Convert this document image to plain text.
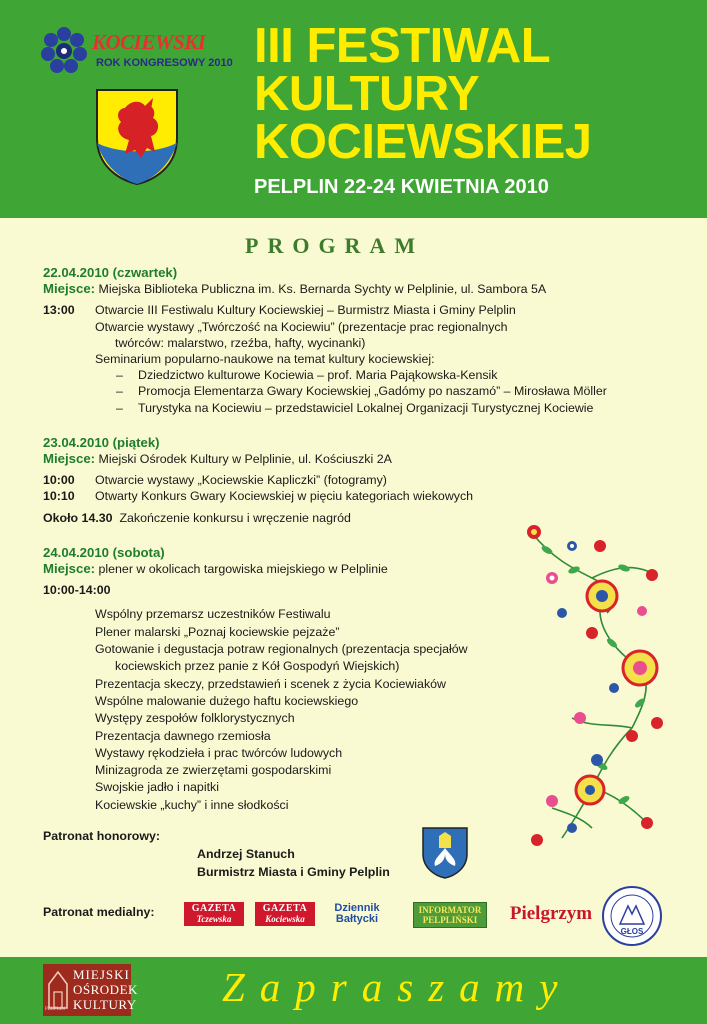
KOCIEWSKI
ROK KONGRESOWY 2010 III FESTIWAL
KULTURY
KOCIEWSKIEJ
PELPLIN 22-24 KWIETNIA 2010
PROGRAM
22.04.2010 (czwartek)
Miejsce: Miejska Biblioteka Publiczna im. Ks. Bernarda Sychty w Pelplinie, ul. Sambora 5A
13:00	Otwarcie III Festiwalu Kultury Kociewskiej – Burmistrz Miasta i Gminy Pelplin
Otwarcie wystawy „Twórczość na Kociewiu” (prezentacje prac regionalnych
twórców: malarstwo, rzeźba, hafty, wycinanki)
Seminarium popularno-naukowe na temat kultury kociewskiej:
–	Dziedzictwo kulturowe Kociewia – prof. Maria Pająkowska-Kensik
–	Promocja Elementarza Gwary Kociewskiej „Gadómy po naszamó” – Mirosława Möller
–	Turystyka na Kociewiu – przedstawiciel Lokalnej Organizacji Turystycznej Kociewie
23.04.2010 (piątek)
Miejsce: Miejski Ośrodek Kultury w Pelplinie, ul. Kościuszki 2A
10:00	Otwarcie wystawy „Kociewskie Kapliczki” (fotogramy)
10:10	Otwarty Konkurs Gwary Kociewskiej w pięciu kategoriach wiekowych
Około 14.30 Zakończenie konkursu i wręczenie nagród
24.04.2010 (sobota)
Miejsce: plener w okolicach targowiska miejskiego w Pelplinie
10:00-14:00
Wspólny przemarsz uczestników Festiwalu
Plener malarski „Poznaj kociewskie pejzaże”
Gotowanie i degustacja potraw regionalnych (prezentacja specjałów
kociewskich przez panie z Kół Gospodyń Wiejskich)
Prezentacja skeczy, przedstawień i scenek z życia Kociewiaków
Wspólne malowanie dużego haftu kociewskiego
Występy zespołów folklorystycznych
Prezentacja dawnego rzemiosła
Wystawy rękodzieła i prac twórców ludowych
Minizagroda ze zwierzętami gospodarskimi
Swojskie jadło i napitki
Kociewskie „kuchy” i inne słodkości
Patronat honorowy:
Andrzej Stanuch
Burmistrz Miasta i Gminy Pelplin
Patronat medialny:	GAZETA
Tczewska
GAZETA
Kociewska
Dziennik
Bałtycki
INFORMATOR
PELPLIŃSKI Pielgrzym
GŁOS
MIEJSKI
OŚRODEK
KULTURY
PELPLIN	Zapraszamy
